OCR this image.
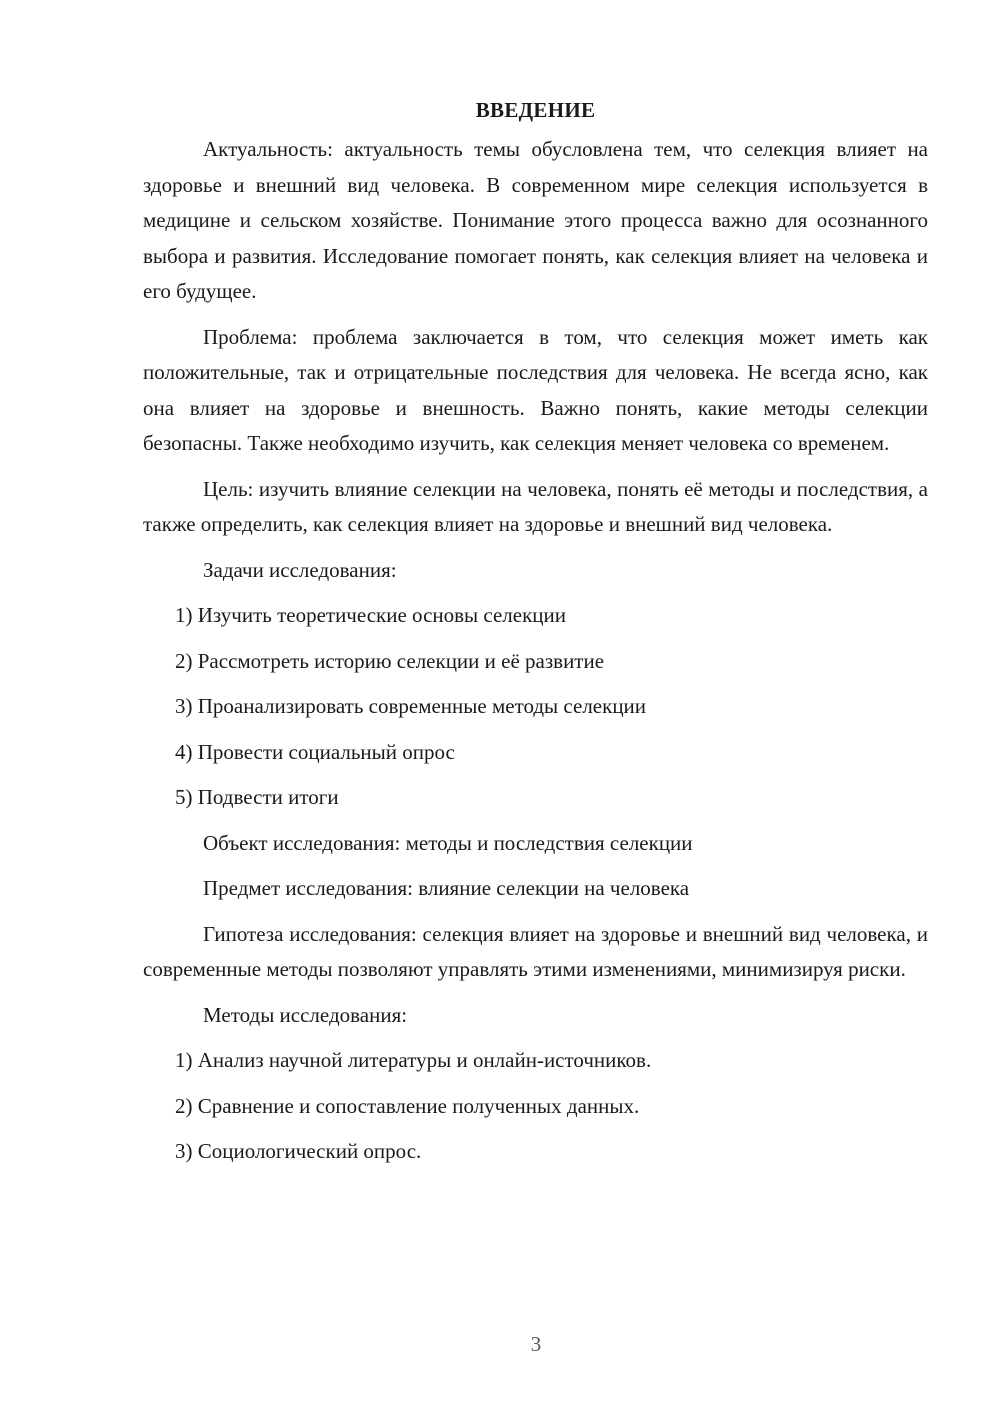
ВВЕДЕНИЕ

Актуальность: актуальность темы обусловлена тем, что селекция влияет на здоровье и внешний вид человека. В современном мире селекция используется в медицине и сельском хозяйстве. Понимание этого процесса важно для осознанного выбора и развития. Исследование помогает понять, как селекция влияет на человека и его будущее.

Проблема: проблема заключается в том, что селекция может иметь как положительные, так и отрицательные последствия для человека. Не всегда ясно, как она влияет на здоровье и внешность. Важно понять, какие методы селекции безопасны. Также необходимо изучить, как селекция меняет человека со временем.

Цель: изучить влияние селекции на человека, понять её методы и последствия, а также определить, как селекция влияет на здоровье и внешний вид человека.

Задачи исследования:

1) Изучить теоретические основы селекции

2) Рассмотреть историю селекции и её развитие

3) Проанализировать современные методы селекции

4) Провести социальный опрос

5) Подвести итоги

Объект исследования: методы и последствия селекции

Предмет исследования: влияние селекции на человека

Гипотеза исследования: селекция влияет на здоровье и внешний вид человека, и современные методы позволяют управлять этими изменениями, минимизируя риски.

Методы исследования:

1) Анализ научной литературы и онлайн-источников.

2) Сравнение и сопоставление полученных данных.

3) Социологический опрос.

3
